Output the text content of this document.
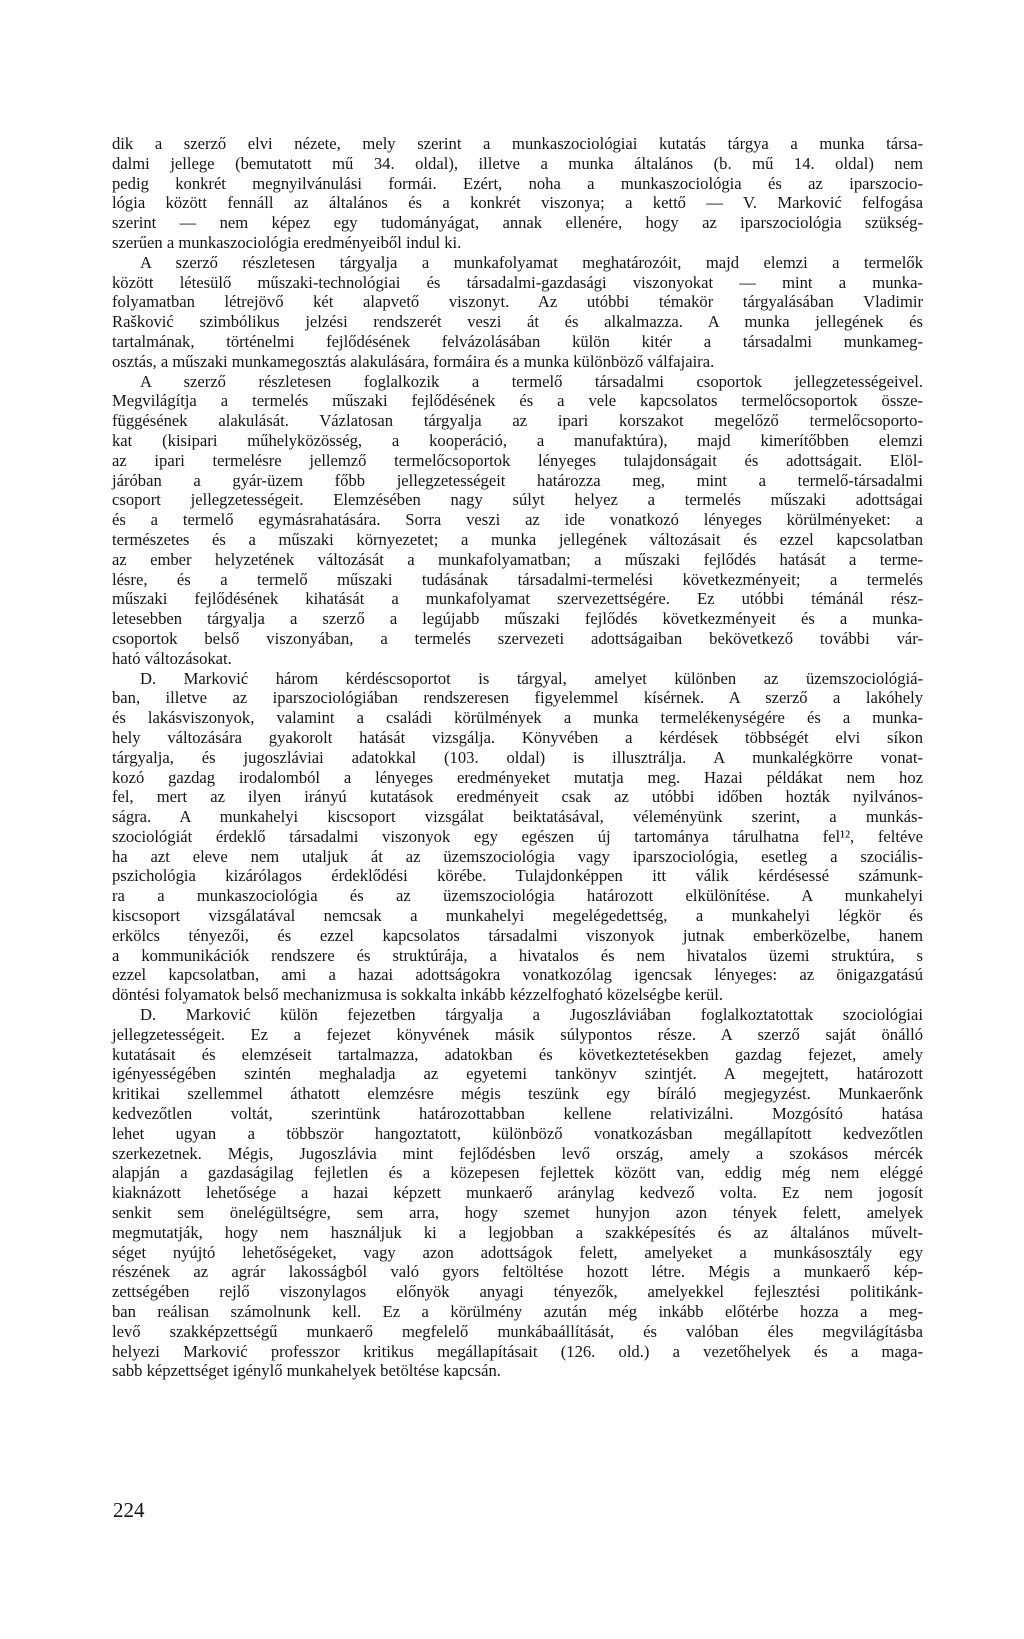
dik a szerző elvi nézete, mely szerint a munkaszociológiai kutatás tárgya a munka társa-
dalmi jellege (bemutatott mű 34. oldal), illetve a munka általános (b. mű 14. oldal) nem
pedig konkrét megnyilvánulási formái. Ezért, noha a munkaszociológia és az iparszocio-
lógia között fennáll az általános és a konkrét viszonya; a kettő — V. Marković felfogása
szerint — nem képez egy tudományágat, annak ellenére, hogy az iparszociológia szükség-
szerűen a munkaszociológia eredményeiből indul ki.
A szerző részletesen tárgyalja a munkafolyamat meghatározóit, majd elemzi a termelők
között létesülő műszaki-technológiai és társadalmi-gazdasági viszonyokat — mint a munka-
folyamatban létrejövő két alapvető viszonyt. Az utóbbi témakör tárgyalásában Vladimir
Rašković szimbólikus jelzési rendszerét veszi át és alkalmazza. A munka jellegének és
tartalmának, történelmi fejlődésének felvázolásában külön kitér a társadalmi munkameg-
osztás, a műszaki munkamegosztás alakulására, formáira és a munka különböző válfajaira.
A szerző részletesen foglalkozik a termelő társadalmi csoportok jellegzetességeivel.
Megvilágítja a termelés műszaki fejlődésének és a vele kapcsolatos termelőcsoportok össze-
függésének alakulását. Vázlatosan tárgyalja az ipari korszakot megelőző termelőcsoporto-
kat (kisipari műhelyközösség, a kooperáció, a manufaktúra), majd kimerítőbben elemzi
az ipari termelésre jellemző termelőcsoportok lényeges tulajdonságait és adottságait. Elöl-
járóban a gyár-üzem főbb jellegzetességeit határozza meg, mint a termelő-társadalmi
csoport jellegzetességeit. Elemzésében nagy súlyt helyez a termelés műszaki adottságai
és a termelő egymásrahatására. Sorra veszi az ide vonatkozó lényeges körülményeket: a
természetes és a műszaki környezetet; a munka jellegének változásait és ezzel kapcsolatban
az ember helyzetének változását a munkafolyamatban; a műszaki fejlődés hatását a terme-
lésre, és a termelő műszaki tudásának társadalmi-termelési következményeit; a termelés
műszaki fejlődésének kihatását a munkafolyamat szervezettségére. Ez utóbbi témánál rész-
letesebben tárgyalja a szerző a legújabb műszaki fejlődés következményeit és a munka-
csoportok belső viszonyában, a termelés szervezeti adottságaiban bekövetkező további vár-
ható változásokat.
D. Marković három kérdéscsoportot is tárgyal, amelyet különben az üzemszociológiá-
ban, illetve az iparszociológiában rendszeresen figyelemmel kísérnek. A szerző a lakóhely
és lakásviszonyok, valamint a családi körülmények a munka termelékenységére és a munka-
hely változására gyakorolt hatását vizsgálja. Könyvében a kérdések többségét elvi síkon
tárgyalja, és jugoszláviai adatokkal (103. oldal) is illusztrálja. A munkalégkörre vonat-
kozó gazdag irodalomból a lényeges eredményeket mutatja meg. Hazai példákat nem hoz
fel, mert az ilyen irányú kutatások eredményeit csak az utóbbi időben hozták nyilvános-
ságra. A munkahelyi kiscsoport vizsgálat beiktatásával, véleményünk szerint, a munkás-
szociológiát érdeklő társadalmi viszonyok egy egészen új tartománya tárulhatna fel¹², feltéve
ha azt eleve nem utaljuk át az üzemszociológia vagy iparszociológia, esetleg a szociális-
pszichológia kizárólagos érdeklődési körébe. Tulajdonképpen itt válik kérdésessé számunk-
ra a munkaszociológia és az üzemszociológia határozott elkülönítése. A munkahelyi
kiscsoport vizsgálatával nemcsak a munkahelyi megelégedettség, a munkahelyi légkör és
erkölcs tényezői, és ezzel kapcsolatos társadalmi viszonyok jutnak emberközelbe, hanem
a kommunikációk rendszere és struktúrája, a hivatalos és nem hivatalos üzemi struktúra, s
ezzel kapcsolatban, ami a hazai adottságokra vonatkozólag igencsak lényeges: az önigazgatású
döntési folyamatok belső mechanizmusa is sokkalta inkább kézzelfogható közelségbe kerül.
D. Marković külön fejezetben tárgyalja a Jugoszláviában foglalkoztatottak szociológiai
jellegzetességeit. Ez a fejezet könyvének másik súlypontos része. A szerző saját önálló
kutatásait és elemzéseit tartalmazza, adatokban és következtetésekben gazdag fejezet, amely
igényességében szintén meghaladja az egyetemi tankönyv szintjét. A megejtett, határozott
kritikai szellemmel áthatott elemzésre mégis teszünk egy bíráló megjegyzést. Munkaerőnk
kedvezőtlen voltát, szerintünk határozottabban kellene relativizálni. Mozgósító hatása
lehet ugyan a többször hangoztatott, különböző vonatkozásban megállapított kedvezőtlen
szerkezetnek. Mégis, Jugoszlávia mint fejlődésben levő ország, amely a szokásos mércék
alapján a gazdaságilag fejletlen és a közepesen fejlettek között van, eddig még nem eléggé
kiaknázott lehetősége a hazai képzett munkaerő aránylag kedvező volta. Ez nem jogosít
senkit sem önelégültségre, sem arra, hogy szemet hunyjon azon tények felett, amelyek
megmutatják, hogy nem használjuk ki a legjobban a szakképesítés és az általános művelt-
séget nyújtó lehetőségeket, vagy azon adottságok felett, amelyeket a munkásosztály egy
részének az agrár lakosságból való gyors feltöltése hozott létre. Mégis a munkaerő kép-
zettségében rejlő viszonylagos előnyök anyagi tényezők, amelyekkel fejlesztési politikánk-
ban reálisan számolnunk kell. Ez a körülmény azután még inkább előtérbe hozza a meg-
levő szakképzettségű munkaerő megfelelő munkábaállítását, és valóban éles megvilágításba
helyezi Marković professzor kritikus megállapításait (126. old.) a vezetőhelyek és a maga-
sabb képzettséget igénylő munkahelyek betöltése kapcsán.
224
